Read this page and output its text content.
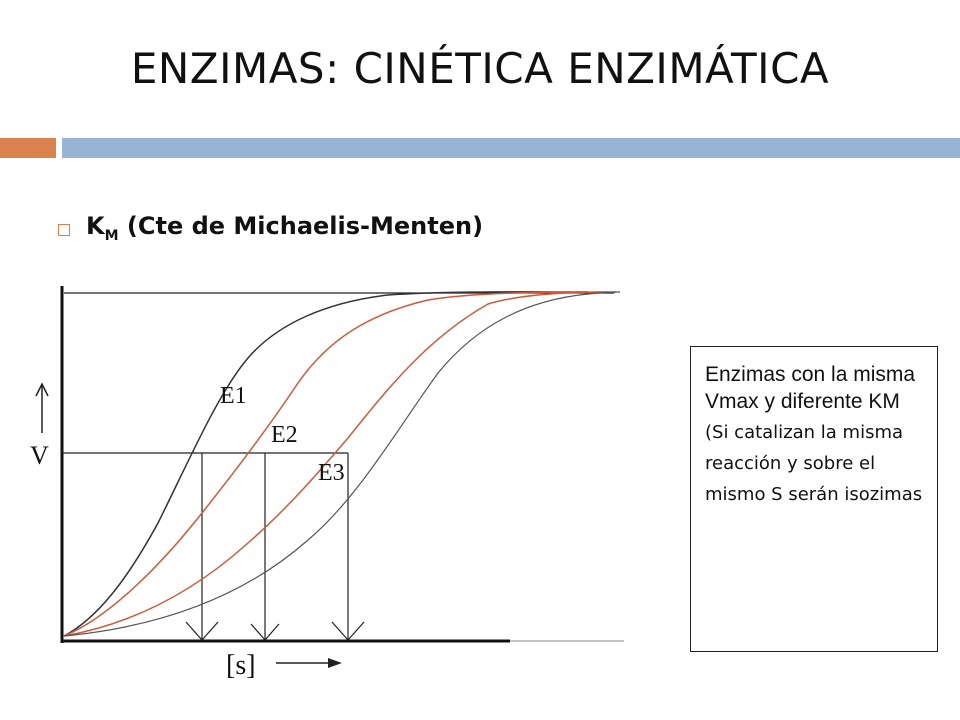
ENZIMAS: CINÉTICA ENZIMÁTICA
$K_M$ (Cte de Michaelis-Menten)
E1
E2
E3
V
[s]
Enzimas con la misma Vmax y diferente KM
(Si catalizan la misma reacción y sobre el mismo S serán isozimas
